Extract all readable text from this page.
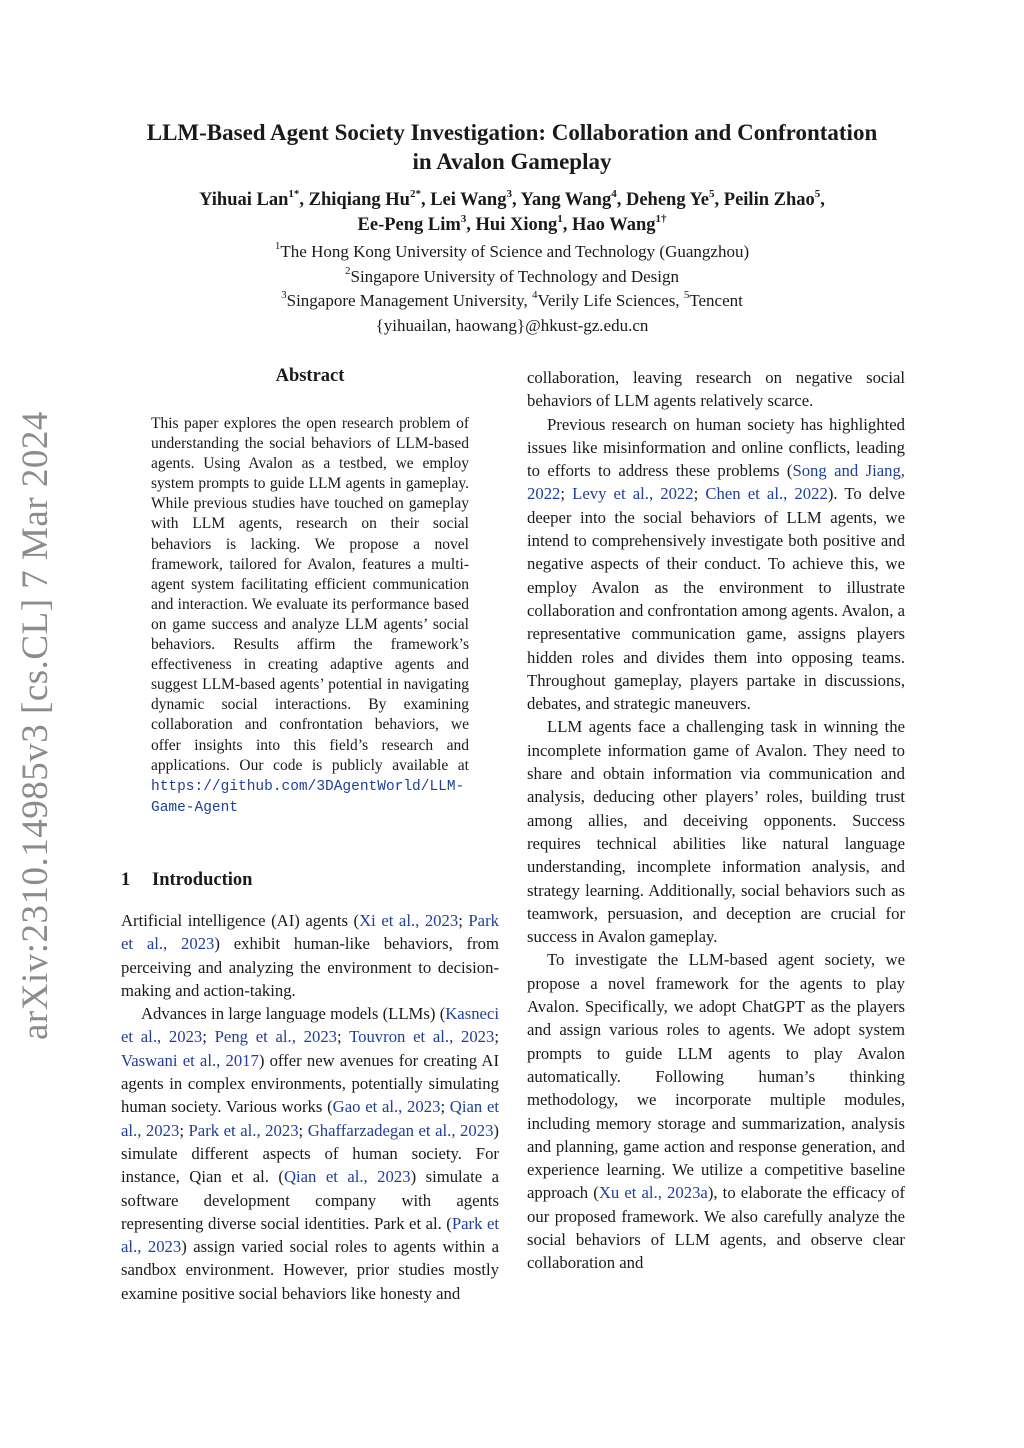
arXiv:2310.14985v3 [cs.CL] 7 Mar 2024
LLM-Based Agent Society Investigation: Collaboration and Confrontation
in Avalon Gameplay
Yihuai Lan$^{1*}$, Zhiqiang $Hu^{2*}$, Lei Wang$^3$, Yang Wang$^4$, Deheng Ye$^5$, Peilin Zhao$^5$,
Ee-Peng Lim$^3$, Hui Xiong$^1$, Hao Wang$^{1\dagger}$
$^1$The Hong Kong University of Science and Technology (Guangzhou)
$^2$Singapore University of Technology and Design
$^3$Singapore Management University, $^4$Verily Life Sciences, $^5$Tencent
{yihuailan, haowang}@hkust-gz.edu.cn
Abstract
This paper explores the open research problem of understanding the social behaviors of LLM-based agents. Using Avalon as a testbed, we employ system prompts to guide LLM agents in gameplay. While previous studies have touched on gameplay with LLM agents, research on their social behaviors is lacking. We propose a novel framework, tailored for Avalon, features a multi-agent system facilitating efficient communication and interaction. We evaluate its performance based on game success and analyze LLM agents’ social behaviors. Results affirm the framework’s effectiveness in creating adaptive agents and suggest LLM-based agents’ potential in navigating dynamic social interactions. By examining collaboration and confrontation behaviors, we offer insights into this field’s research and applications. Our code is publicly available at https://github.com/3DAgentWorld/LLM-Game-Agent
1 Introduction

Artificial intelligence (AI) agents (Xi et al., 2023; Park et al., 2023) exhibit human-like behaviors, from perceiving and analyzing the environment to decision-making and action-taking.

Advances in large language models (LLMs) (Kasneci et al., 2023; Peng et al., 2023; Touvron et al., 2023; Vaswani et al., 2017) offer new avenues for creating AI agents in complex environments, potentially simulating human society. Various works (Gao et al., 2023; Qian et al., 2023; Park et al., 2023; Ghaffarzadegan et al., 2023) simulate different aspects of human society. For instance, Qian et al. (Qian et al., 2023) simulate a software development company with agents representing diverse social identities. Park et al. (Park et al., 2023) assign varied social roles to agents within a sandbox environment. However, prior studies mostly examine positive social behaviors like honesty and

collaboration, leaving research on negative social behaviors of LLM agents relatively scarce.

Previous research on human society has highlighted issues like misinformation and online conflicts, leading to efforts to address these problems (Song and Jiang, 2022; Levy et al., 2022; Chen et al., 2022). To delve deeper into the social behaviors of LLM agents, we intend to comprehensively investigate both positive and negative aspects of their conduct. To achieve this, we employ Avalon as the environment to illustrate collaboration and confrontation among agents. Avalon, a representative communication game, assigns players hidden roles and divides them into opposing teams. Throughout gameplay, players partake in discussions, debates, and strategic maneuvers.

LLM agents face a challenging task in winning the incomplete information game of Avalon. They need to share and obtain information via communication and analysis, deducing other players’ roles, building trust among allies, and deceiving opponents. Success requires technical abilities like natural language understanding, incomplete information analysis, and strategy learning. Additionally, social behaviors such as teamwork, persuasion, and deception are crucial for success in Avalon gameplay.

To investigate the LLM-based agent society, we propose a novel framework for the agents to play Avalon. Specifically, we adopt ChatGPT as the players and assign various roles to agents. We adopt system prompts to guide LLM agents to play Avalon automatically. Following human’s thinking methodology, we incorporate multiple modules, including memory storage and summarization, analysis and planning, game action and response generation, and experience learning. We utilize a competitive baseline approach (Xu et al., 2023a), to elaborate the efficacy of our proposed framework. We also carefully analyze the social behaviors of LLM agents, and observe clear collaboration and
